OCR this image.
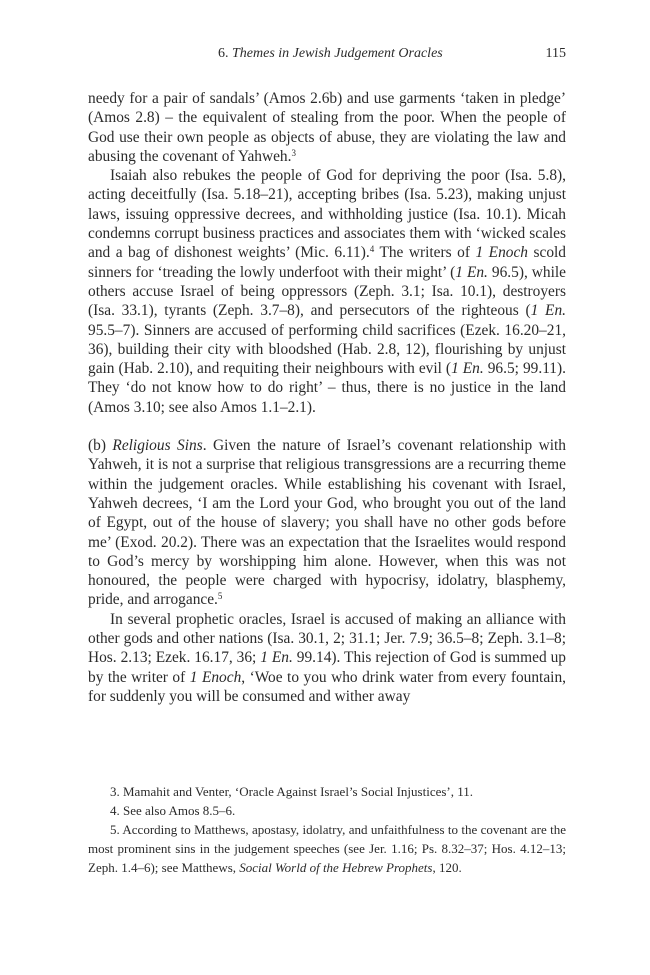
6. Themes in Jewish Judgement Oracles	115

needy for a pair of sandals’ (Amos 2.6b) and use garments ‘taken in pledge’ (Amos 2.8) – the equivalent of stealing from the poor. When the people of God use their own people as objects of abuse, they are violating the law and abusing the covenant of Yahweh.$^3$

Isaiah also rebukes the people of God for depriving the poor (Isa. 5.8), acting deceitfully (Isa. 5.18–21), accepting bribes (Isa. 5.23), making unjust laws, issuing oppressive decrees, and withholding justice (Isa. 10.1). Micah condemns corrupt business practices and associates them with ‘wicked scales and a bag of dishonest weights’ (Mic. 6.11).$^4$ The writers of 1 Enoch scold sinners for ‘treading the lowly underfoot with their might’ (1 En. 96.5), while others accuse Israel of being oppressors (Zeph. 3.1; Isa. 10.1), destroyers (Isa. 33.1), tyrants (Zeph. 3.7–8), and persecutors of the righteous (1 En. 95.5–7). Sinners are accused of performing child sacrifices (Ezek. 16.20–21, 36), building their city with bloodshed (Hab. 2.8, 12), flourishing by unjust gain (Hab. 2.10), and requiting their neighbours with evil (1 En. 96.5; 99.11). They ‘do not know how to do right’ – thus, there is no justice in the land (Amos 3.10; see also Amos 1.1–2.1).

(b) Religious Sins. Given the nature of Israel’s covenant relationship with Yahweh, it is not a surprise that religious transgressions are a recurring theme within the judgement oracles. While establishing his covenant with Israel, Yahweh decrees, ‘I am the Lord your God, who brought you out of the land of Egypt, out of the house of slavery; you shall have no other gods before me’ (Exod. 20.2). There was an expectation that the Israelites would respond to God’s mercy by worshipping him alone. However, when this was not honoured, the people were charged with hypocrisy, idolatry, blasphemy, pride, and arrogance.$^5$

In several prophetic oracles, Israel is accused of making an alliance with other gods and other nations (Isa. 30.1, 2; 31.1; Jer. 7.9; 36.5–8; Zeph. 3.1–8; Hos. 2.13; Ezek. 16.17, 36; 1 En. 99.14). This rejection of God is summed up by the writer of 1 Enoch, ‘Woe to you who drink water from every fountain, for suddenly you will be consumed and wither away

3. Mamahit and Venter, ‘Oracle Against Israel’s Social Injustices’, 11.

4. See also Amos 8.5–6.

5. According to Matthews, apostasy, idolatry, and unfaithfulness to the covenant are the most prominent sins in the judgement speeches (see Jer. 1.16; Ps. 8.32–37; Hos. 4.12–13; Zeph. 1.4–6); see Matthews, Social World of the Hebrew Prophets, 120.
